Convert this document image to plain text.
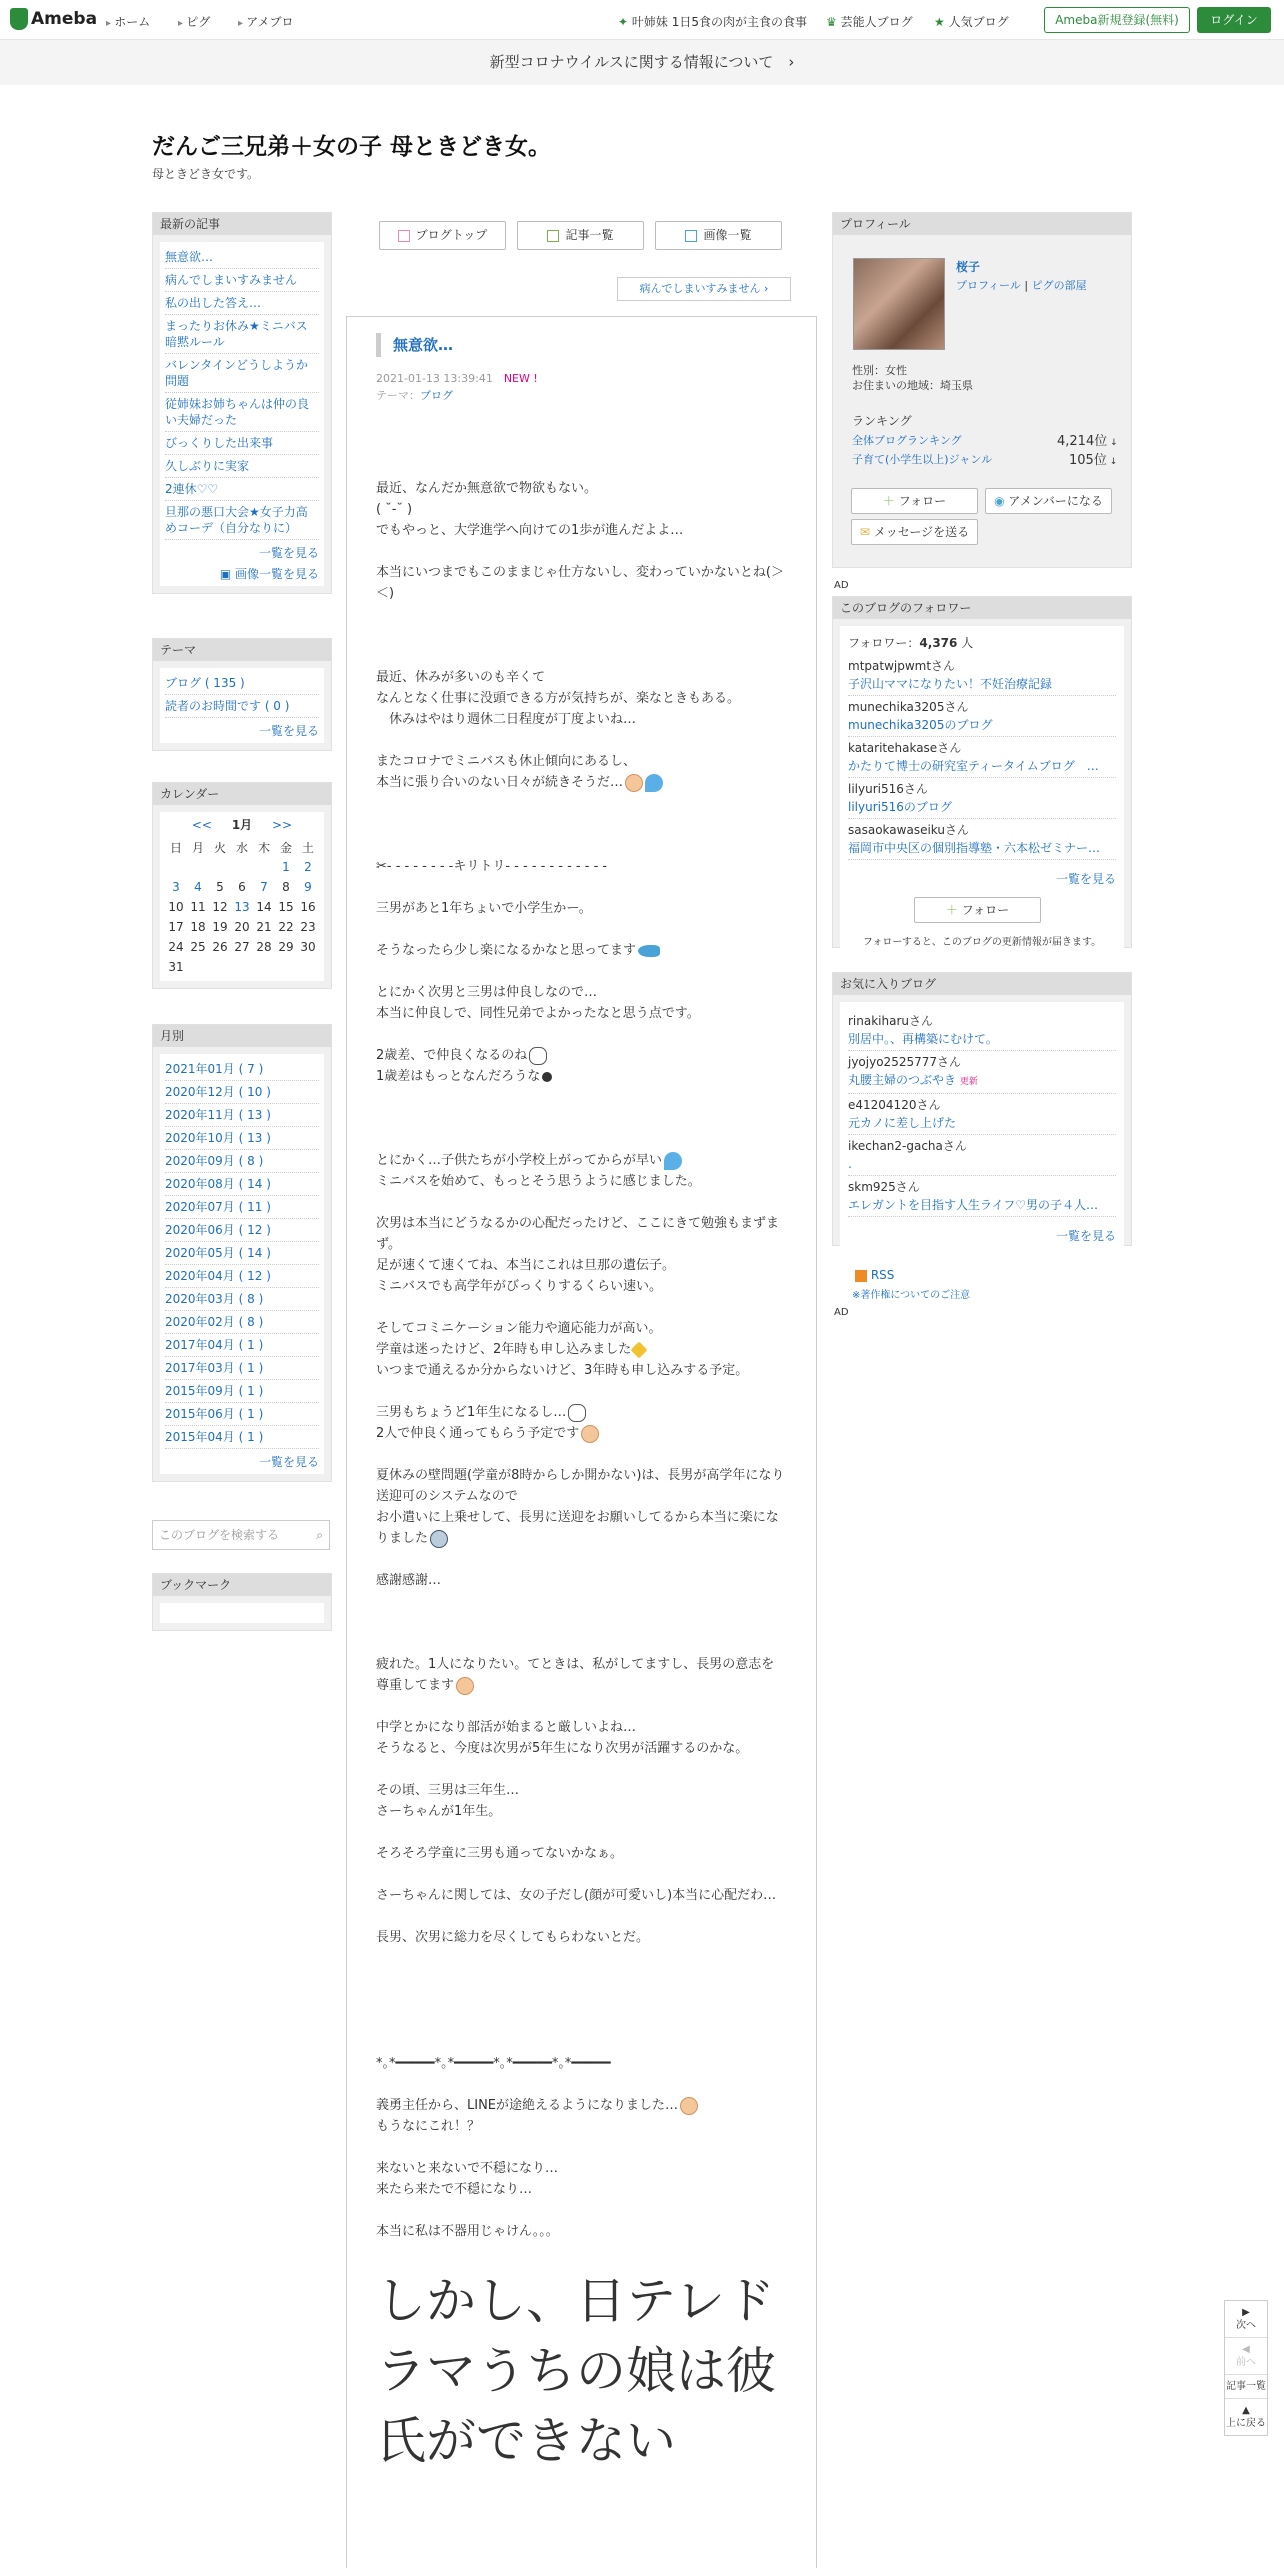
Ameba	▸ ホーム	▸ ピグ	▸ アメブロ	✦ 叶姉妹 1日5食の肉が主食の食事 ♛ 芸能人ブログ ★ 人気ブログ	Ameba新規登録(無料)	ログイン
新型コロナウイルスに関する情報について　›
だんご三兄弟＋女の子 母ときどき女。
母ときどき女です。
最新の記事
無意欲…
病んでしまいすみません
私の出した答え…
まったりお休み★ミニバス暗黙ルール
バレンタインどうしようか問題
従姉妹お姉ちゃんは仲の良い夫婦だった
びっくりした出来事
久しぶりに実家
2連休♡♡
旦那の悪口大会★女子力高めコーデ（自分なりに）
一覧を見る
▣ 画像一覧を見る
テーマ
ブログ ( 135 )
読者のお時間です ( 0 )
一覧を見る
カレンダー
<< 1月 >>
日	月	火	水	木	金	土
					1	2
3	4	5	6	7	8	9
10	11	12	13	14	15	16
17	18	19	20	21	22	23
24	25	26	27	28	29	30
31						
月別
2021年01月 ( 7 )
2020年12月 ( 10 )
2020年11月 ( 13 )
2020年10月 ( 13 )
2020年09月 ( 8 )
2020年08月 ( 14 )
2020年07月 ( 11 )
2020年06月 ( 12 )
2020年05月 ( 14 )
2020年04月 ( 12 )
2020年03月 ( 8 )
2020年02月 ( 8 )
2017年04月 ( 1 )
2017年03月 ( 1 )
2015年09月 ( 1 )
2015年06月 ( 1 )
2015年04月 ( 1 )
一覧を見る
このブログを検索する	⌕
ブックマーク
ブログトップ	記事一覧	画像一覧
病んでしまいすみません ›
無意欲…
2021-01-13 13:39:41　 NEW !
テーマ：ブログ
最近、なんだか無意欲で物欲もない。
( ˘-˘ )
でもやっと、大学進学へ向けての1歩が進んだよよ…
本当にいつまでもこのままじゃ仕方ないし、変わっていかないとね(＞＜)
最近、休みが多いのも辛くて
なんとなく仕事に没頭できる方が気持ちが、楽なときもある。
　休みはやはり週休二日程度が丁度よいね…
またコロナでミニバスも休止傾向にあるし、
本当に張り合いのない日々が続きそうだ…
✂︎- - - - - - - -キリトリ- - - - - - - - - - - -
三男があと1年ちょいで小学生かー。
そうなったら少し楽になるかなと思ってます
とにかく次男と三男は仲良しなので…
本当に仲良しで、同性兄弟でよかったなと思う点です。
2歳差、で仲良くなるのね
1歳差はもっとなんだろうな
とにかく…子供たちが小学校上がってからが早い
ミニバスを始めて、もっとそう思うように感じました。
次男は本当にどうなるかの心配だったけど、ここにきて勉強もまずまず。
足が速くて速くてね、本当にこれは旦那の遺伝子。
ミニバスでも高学年がびっくりするくらい速い。
そしてコミニケーション能力や適応能力が高い。
学童は迷ったけど、2年時も申し込みました
いつまで通えるか分からないけど、3年時も申し込みする予定。
三男もちょうど1年生になるし…
2人で仲良く通ってもらう予定です
夏休みの壁問題(学童が8時からしか開かない)は、長男が高学年になり送迎可のシステムなので
お小遣いに上乗せして、長男に送迎をお願いしてるから本当に楽になりました
感謝感謝…
疲れた。1人になりたい。てときは、私がしてますし、長男の意志を尊重してます
中学とかになり部活が始まると厳しいよね…
そうなると、今度は次男が5年生になり次男が活躍するのかな。
その頃、三男は三年生…
さーちゃんが1年生。
そろそろ学童に三男も通ってないかなぁ。
さーちゃんに関しては、女の子だし(顔が可愛いし)本当に心配だわ…
長男、次男に総力を尽くしてもらわないとだ。
*｡*━━━━━*｡*━━━━━*｡*━━━━━*｡*━━━━━
義勇主任から、LINEが途絶えるようになりました…
もうなにこれ！？
来ないと来ないで不穏になり…
来たら来たで不穏になり…
本当に私は不器用じゃけん。。。
しかし、日テレドラマうちの娘は彼氏ができない
プロフィール
桜子
プロフィール | ピグの部屋
性別：女性
お住まいの地域：埼玉県
ランキング
全体ブログランキング	4,214位 ↓
子育て(小学生以上)ジャンル	105位 ↓
＋ フォロー	◉ アメンバーになる
✉ メッセージを送る
AD
このブログのフォロワー
フォロワー：4,376 人
mtpatwjpwmtさん
子沢山ママになりたい！不妊治療記録
munechika3205さん
munechika3205のブログ
kataritehakaseさん
かたりて博士の研究室ティータイムブログ　…
lilyuri516さん
lilyuri516のブログ
sasaokawaseikuさん
福岡市中央区の個別指導塾・六本松ゼミナー…
一覧を見る
＋ フォロー
フォローすると、このブログの更新情報が届きます。
お気に入りブログ
rinakiharuさん
別居中。、再構築にむけて。
jyojyo2525777さん
丸腰主婦のつぶやき 更新
e41204120さん
元カノに差し上げた
ikechan2-gachaさん
.
skm925さん
エレガントを目指す人生ライフ♡男の子４人…
一覧を見る
RSS
※著作権についてのご注意
AD
▶
次へ
◀
前へ
記事一覧
▲
上に戻る
